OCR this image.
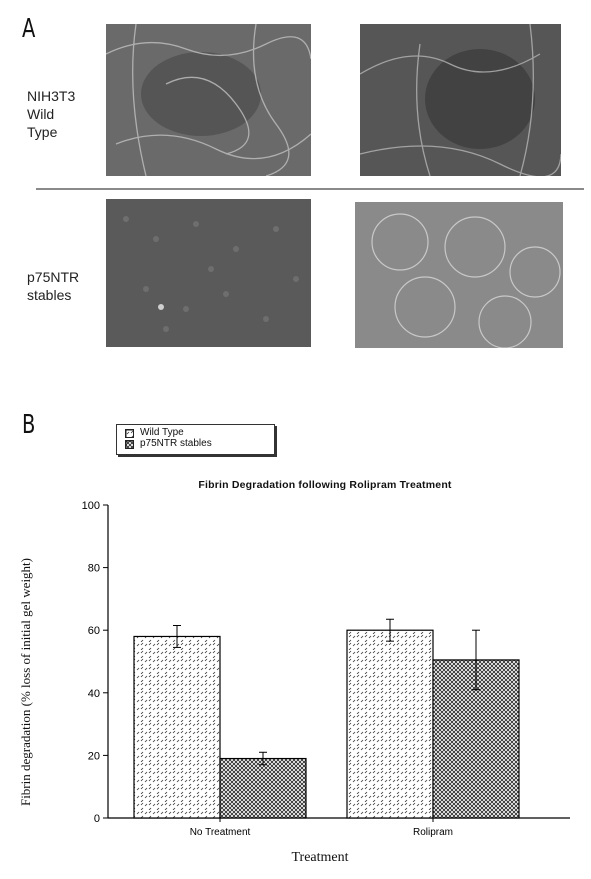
A
NIH3T3
Wild
Type
p75NTR
stables
B	Wild Type
p75NTR stables
Fibrin Degradation following Rolipram Treatment
0
20
40
60
80
100
No Treatment	Rolipram
Fibrin degradation (% loss of initial gel weight)
Treatment
